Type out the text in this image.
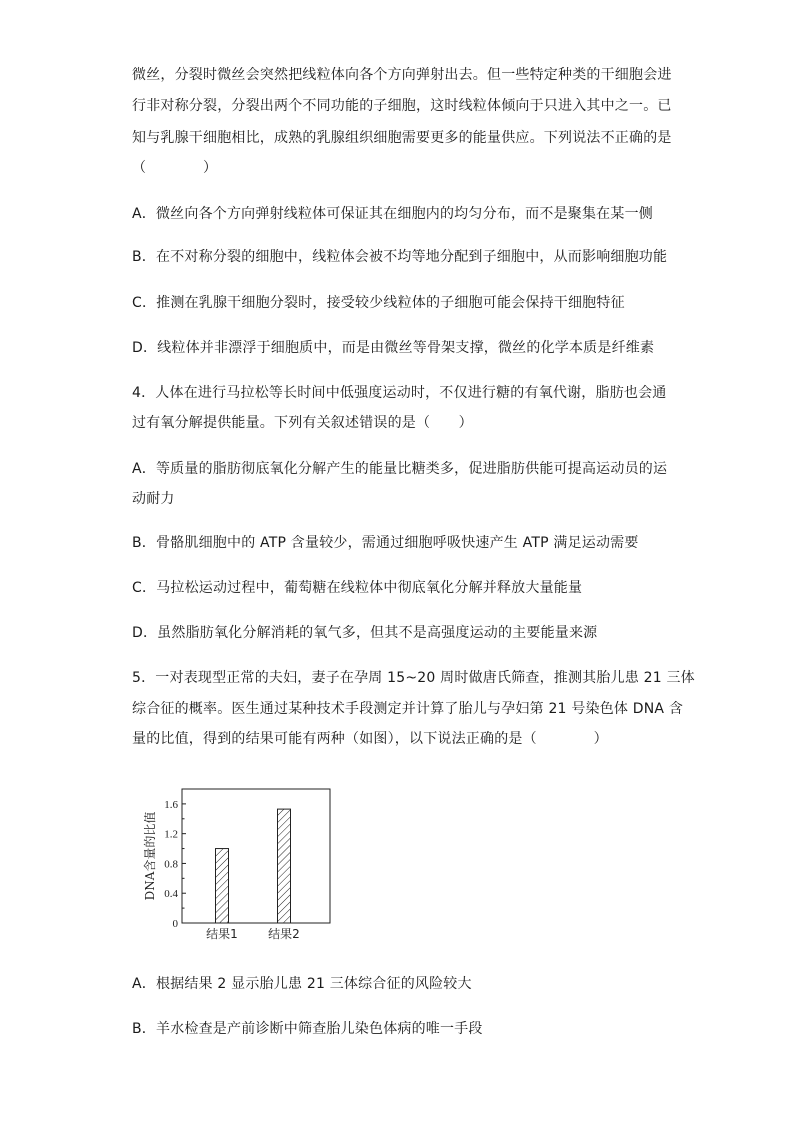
微丝，分裂时微丝会突然把线粒体向各个方向弹射出去。但一些特定种类的干细胞会进
行非对称分裂，分裂出两个不同功能的子细胞，这时线粒体倾向于只进入其中之一。已
知与乳腺干细胞相比，成熟的乳腺组织细胞需要更多的能量供应。下列说法不正确的是
（　　　　）
A．微丝向各个方向弹射线粒体可保证其在细胞内的均匀分布，而不是聚集在某一侧
B．在不对称分裂的细胞中，线粒体会被不均等地分配到子细胞中，从而影响细胞功能
C．推测在乳腺干细胞分裂时，接受较少线粒体的子细胞可能会保持干细胞特征
D．线粒体并非漂浮于细胞质中，而是由微丝等骨架支撑，微丝的化学本质是纤维素
4．人体在进行马拉松等长时间中低强度运动时，不仅进行糖的有氧代谢，脂肪也会通
过有氧分解提供能量。下列有关叙述错误的是（　　）
A．等质量的脂肪彻底氧化分解产生的能量比糖类多，促进脂肪供能可提高运动员的运
动耐力
B．骨骼肌细胞中的 ATP 含量较少，需通过细胞呼吸快速产生 ATP 满足运动需要
C．马拉松运动过程中，葡萄糖在线粒体中彻底氧化分解并释放大量能量
D．虽然脂肪氧化分解消耗的氧气多，但其不是高强度运动的主要能量来源
5．一对表现型正常的夫妇，妻子在孕周 15~20 周时做唐氏筛查，推测其胎儿患 21 三体
综合征的概率。医生通过某种技术手段测定并计算了胎儿与孕妇第 21 号染色体 DNA 含
量的比值，得到的结果可能有两种（如图），以下说法正确的是（　　　　）
0
0.4
0.8
1.2
1.6
DNA含量的比值
结果1	结果2
A．根据结果 2 显示胎儿患 21 三体综合征的风险较大
B．羊水检查是产前诊断中筛查胎儿染色体病的唯一手段
